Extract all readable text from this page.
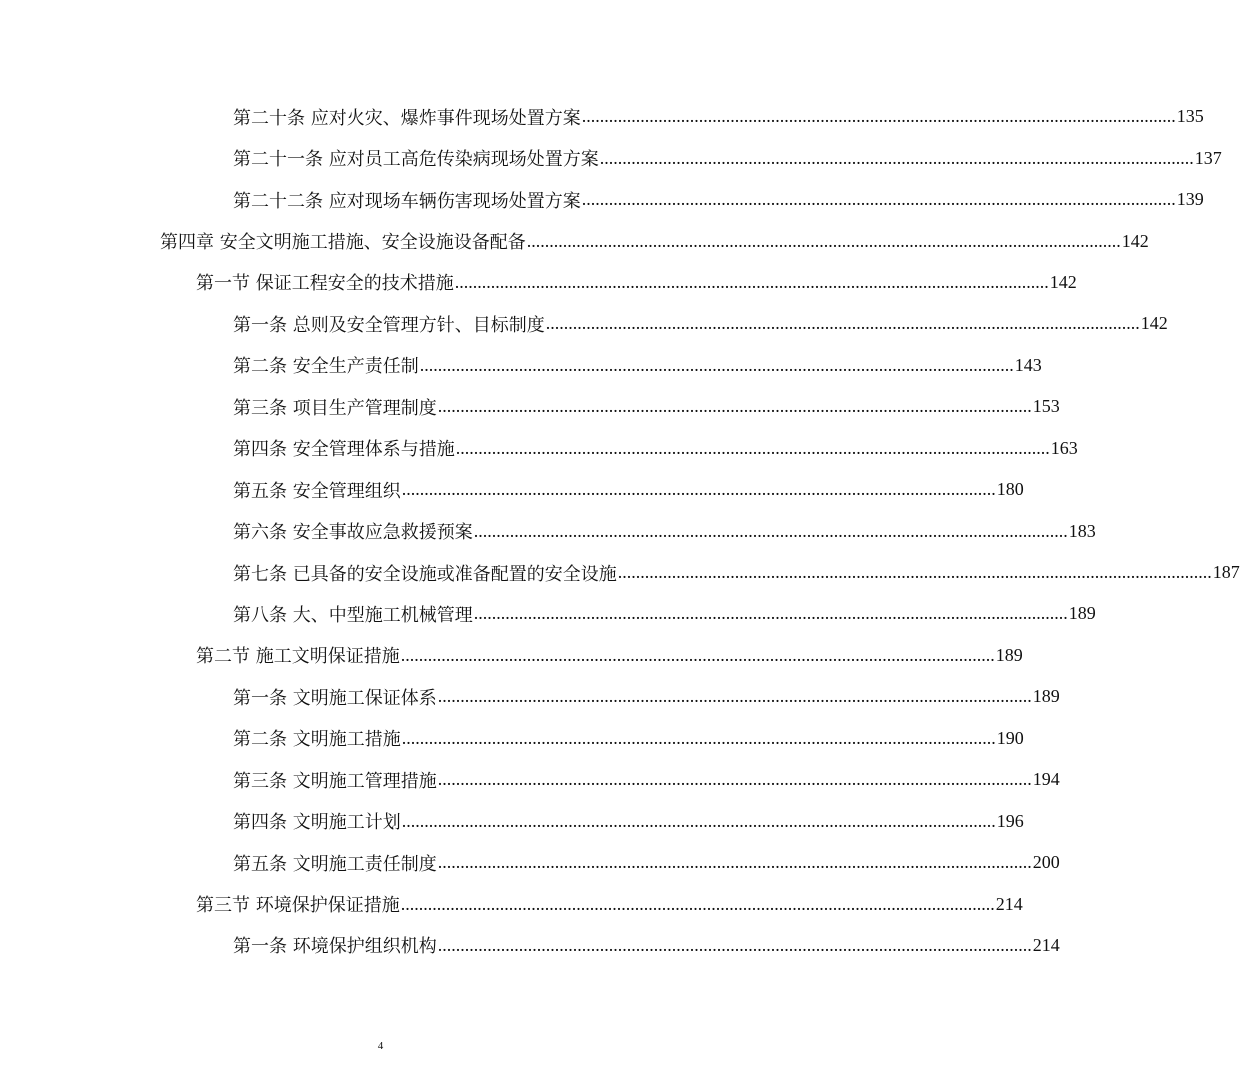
第二十条 应对火灾、爆炸事件现场处置方案 .....	135
第二十一条 应对员工高危传染病现场处置方案 .....	137
第二十二条 应对现场车辆伤害现场处置方案 .....	139
第四章 安全文明施工措施、安全设施设备配备 .....	142
第一节 保证工程安全的技术措施 .....	142
第一条 总则及安全管理方针、目标制度 .....	142
第二条 安全生产责任制 .....	143
第三条 项目生产管理制度 .....	153
第四条 安全管理体系与措施 .....	163
第五条 安全管理组织 .....	180
第六条 安全事故应急救援预案 .....	183
第七条 已具备的安全设施或准备配置的安全设施 .....	187
第八条 大、中型施工机械管理 .....	189
第二节 施工文明保证措施 .....	189
第一条 文明施工保证体系 .....	189
第二条 文明施工措施 .....	190
第三条 文明施工管理措施 .....	194
第四条 文明施工计划 .....	196
第五条 文明施工责任制度 .....	200
第三节 环境保护保证措施 .....	214
第一条 环境保护组织机构 .....	214
4
